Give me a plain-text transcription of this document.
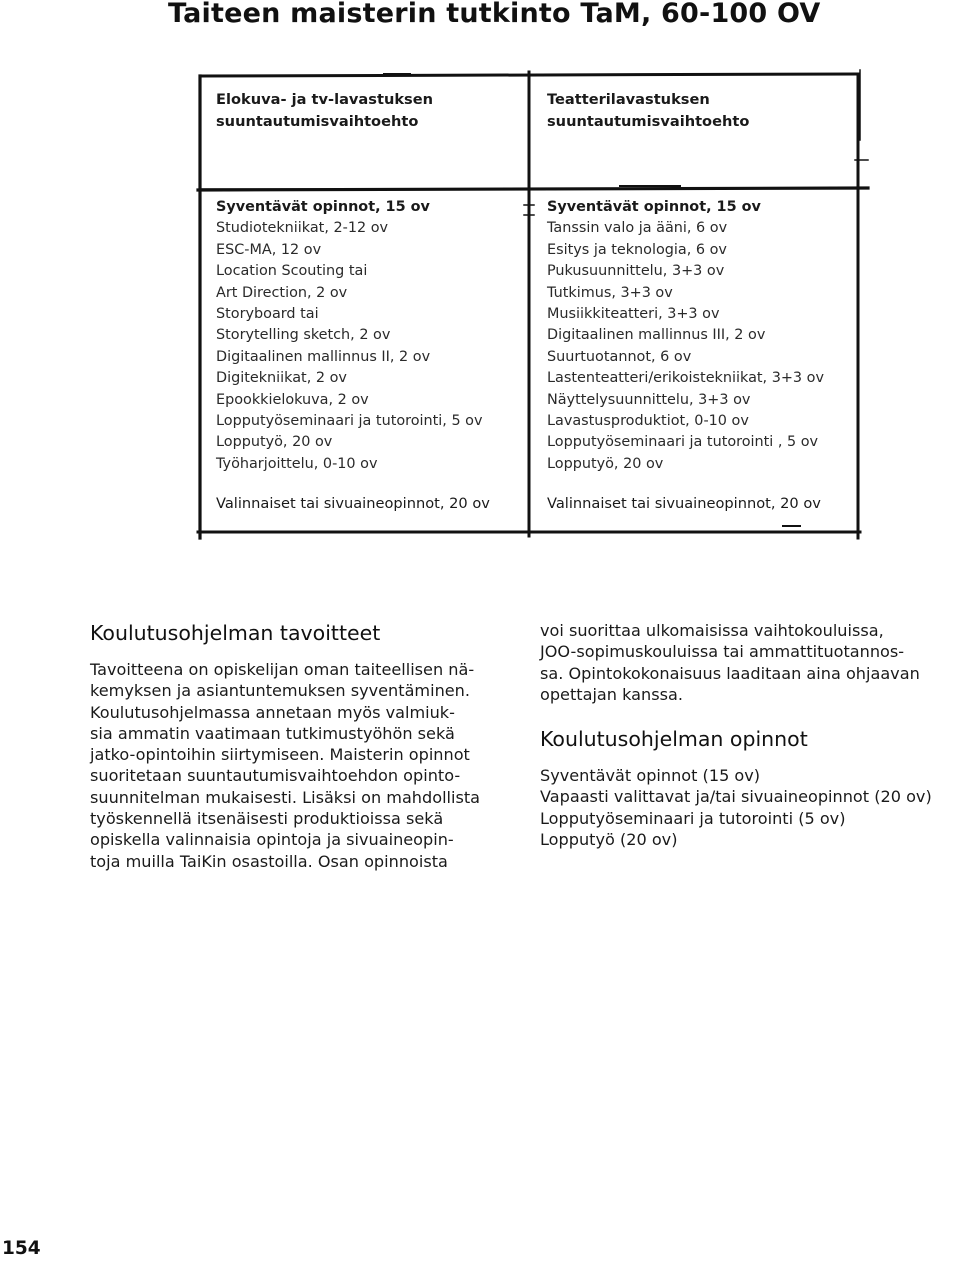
Taiteen maisterin tutkinto TaM, 60-100 OV
Elokuva- ja tv-lavastuksen
suuntautumisvaihtoehto
Teatterilavastuksen
suuntautumisvaihtoehto
Syventävät opinnot, 15 ov
Studiotekniikat, 2-12 ov
ESC-MA, 12 ov
Location Scouting tai
Art Direction, 2 ov
Storyboard tai
Storytelling sketch, 2 ov
Digitaalinen mallinnus II, 2 ov
Digitekniikat, 2 ov
Epookkielokuva, 2 ov
Lopputyöseminaari ja tutorointi, 5 ov
Lopputyö, 20 ov
Työharjoittelu, 0-10 ov
Syventävät opinnot, 15 ov
Tanssin valo ja ääni, 6 ov
Esitys ja teknologia, 6 ov
Pukusuunnittelu, 3+3 ov
Tutkimus, 3+3 ov
Musiikkiteatteri, 3+3 ov
Digitaalinen mallinnus III, 2 ov
Suurtuotannot, 6 ov
Lastenteatteri/erikoistekniikat, 3+3 ov
Näyttelysuunnittelu, 3+3 ov
Lavastusproduktiot, 0-10 ov
Lopputyöseminaari ja tutorointi , 5 ov
Lopputyö, 20 ov
Valinnaiset tai sivuaineopinnot, 20 ov	Valinnaiset tai sivuaineopinnot, 20 ov
Koulutusohjelman tavoitteet
Tavoitteena on opiskelijan oman taiteellisen nä-
kemyksen ja asiantuntemuksen syventäminen.
Koulutusohjelmassa annetaan myös valmiuk-
sia ammatin vaatimaan tutkimustyöhön sekä
jatko-opintoihin siirtymiseen. Maisterin opinnot
suoritetaan suuntautumisvaihtoehdon opinto-
suunnitelman mukaisesti. Lisäksi on mahdollista
työskennellä itsenäisesti produktioissa sekä
opiskella valinnaisia opintoja ja sivuaineopin-
toja muilla TaiKin osastoilla. Osan opinnoista
voi suorittaa ulkomaisissa vaihtokouluissa,
JOO-sopimuskouluissa tai ammattituotannos-
sa. Opintokokonaisuus laaditaan aina ohjaavan
opettajan kanssa.
Koulutusohjelman opinnot
Syventävät opinnot (15 ov)
Vapaasti valittavat ja/tai sivuaineopinnot (20 ov)
Lopputyöseminaari ja tutorointi (5 ov)
Lopputyö (20 ov)
154
